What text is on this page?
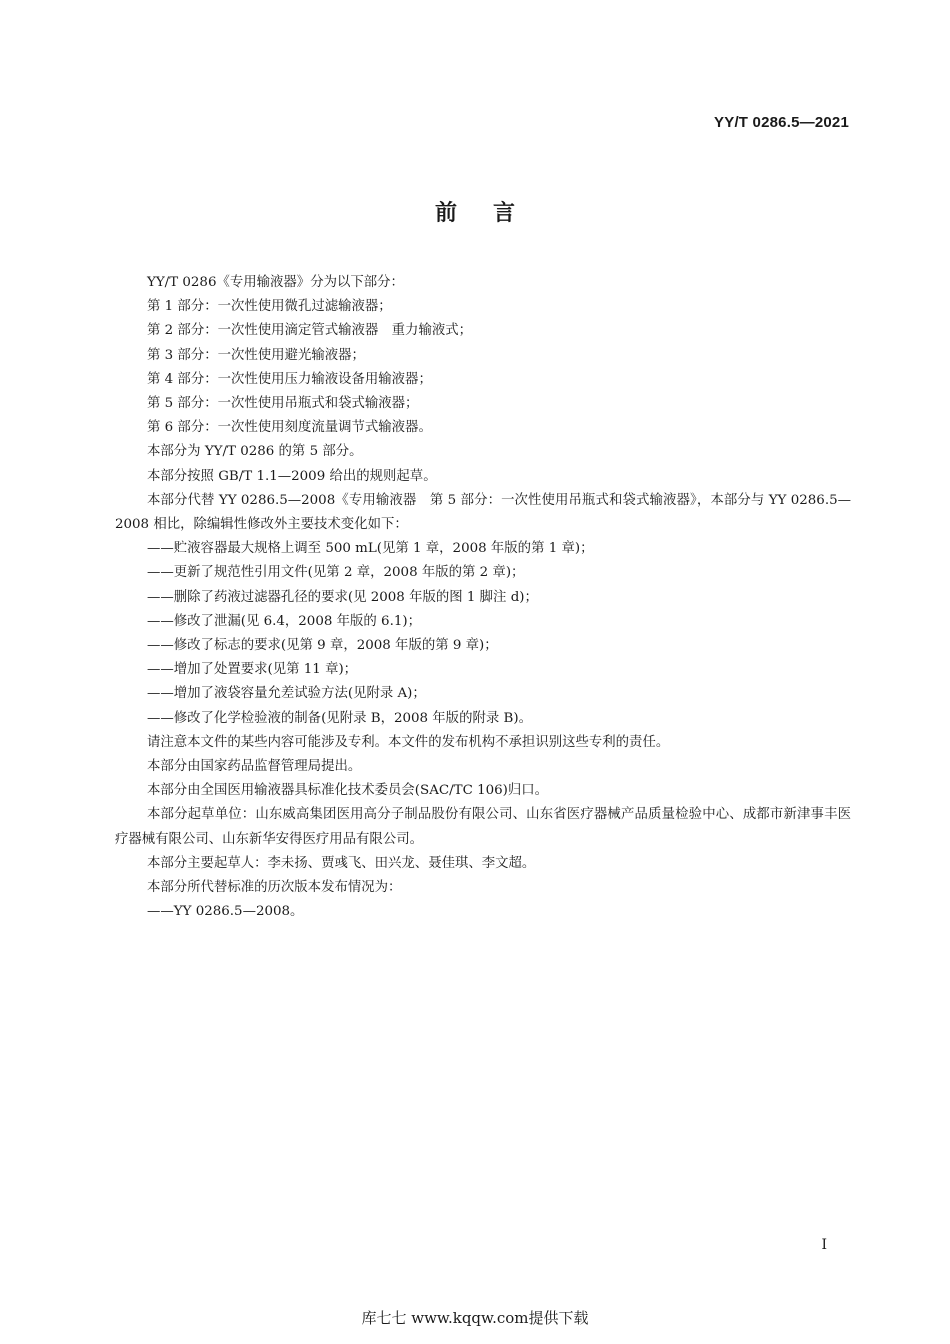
YY/T 0286.5—2021
前言

YY/T 0286《专用输液器》分为以下部分：

第 1 部分：一次性使用微孔过滤输液器；

第 2 部分：一次性使用滴定管式输液器　重力输液式；

第 3 部分：一次性使用避光输液器；

第 4 部分：一次性使用压力输液设备用输液器；

第 5 部分：一次性使用吊瓶式和袋式输液器；

第 6 部分：一次性使用刻度流量调节式输液器。

本部分为 YY/T 0286 的第 5 部分。

本部分按照 GB/T 1.1—2009 给出的规则起草。

本部分代替 YY 0286.5—2008《专用输液器　第 5 部分：一次性使用吊瓶式和袋式输液器》，本部分与 YY 0286.5—2008 相比，除编辑性修改外主要技术变化如下：

——贮液容器最大规格上调至 500 mL(见第 1 章，2008 年版的第 1 章)；

——更新了规范性引用文件(见第 2 章，2008 年版的第 2 章)；

——删除了药液过滤器孔径的要求(见 2008 年版的图 1 脚注 d)；

——修改了泄漏(见 6.4，2008 年版的 6.1)；

——修改了标志的要求(见第 9 章，2008 年版的第 9 章)；

——增加了处置要求(见第 11 章)；

——增加了液袋容量允差试验方法(见附录 A)；

——修改了化学检验液的制备(见附录 B，2008 年版的附录 B)。

请注意本文件的某些内容可能涉及专利。本文件的发布机构不承担识别这些专利的责任。

本部分由国家药品监督管理局提出。

本部分由全国医用输液器具标准化技术委员会(SAC/TC 106)归口。

本部分起草单位：山东威高集团医用高分子制品股份有限公司、山东省医疗器械产品质量检验中心、成都市新津事丰医疗器械有限公司、山东新华安得医疗用品有限公司。

本部分主要起草人：李未扬、贾彧飞、田兴龙、聂佳琪、李文超。

本部分所代替标准的历次版本发布情况为：

——YY 0286.5—2008。

I
库七七 www.kqqw.com提供下载
